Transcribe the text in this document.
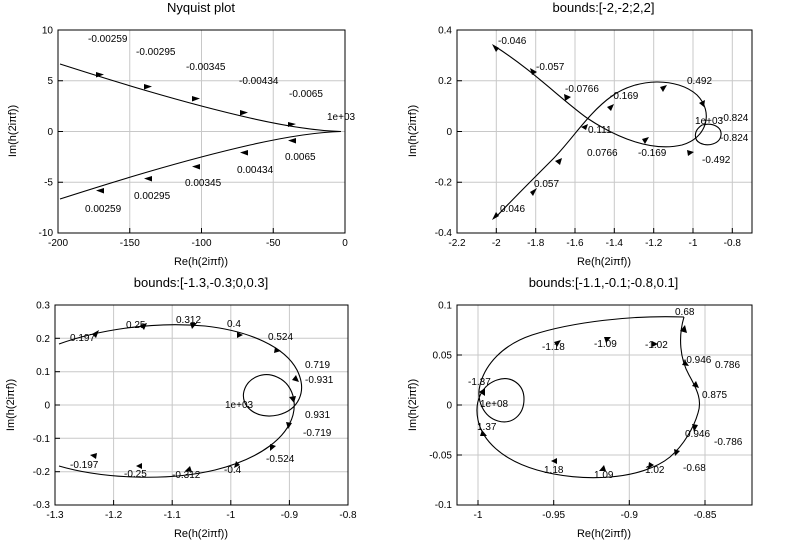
Nyquist plot
-200	-150	-100	-50	0
-10
-5
0
5
10
Re(h(2iπf))
Im(h(2iπf))
-0.00259
-0.00295
-0.00345
-0.00434
-0.0065
1e+03
0.0065
0.00434
0.00345
0.00295
0.00259
bounds:[-2,-2;2,2]
-2.2	-2	-1.8 -1.6 -1.4 -1.2	-1	-0.8
-0.4
-0.2
0
0.2
0.4
Re(h(2iπf))
Im(h(2iπf))
-0.046
-0.057
-0.0766
-0.169
0.492
0.111
1e+03
-0.824
-0.824
0.0766 -0.169
-0.492
0.057
0.046
bounds:[-1.3,-0.3;0,0.3]
-1.3	-1.2	-1.1	-1	-0.9	-0.8
-0.3
-0.2
-0.1
0
0.1
0.2
0.3
Re(h(2iπf))
Im(h(2iπf))
0.197
0.25	0.312	0.4
0.524
0.719
-0.931
1e+03
0.931
-0.719
-0.524
-0.4
-0.312
-0.25
-0.197
bounds:[-1.1,-0.1;-0.8,0.1]
-1	-0.95	-0.9	-0.85
-0.1
-0.05
0
0.05
0.1
Re(h(2iπf))
Im(h(2iπf))
0.68
-1.18	-1.09	-1.02
-0.946 0.786
-1.37
1e+08
0.875
1.37
0.946
-0.786
1.18	1.09	1.02 -0.68
